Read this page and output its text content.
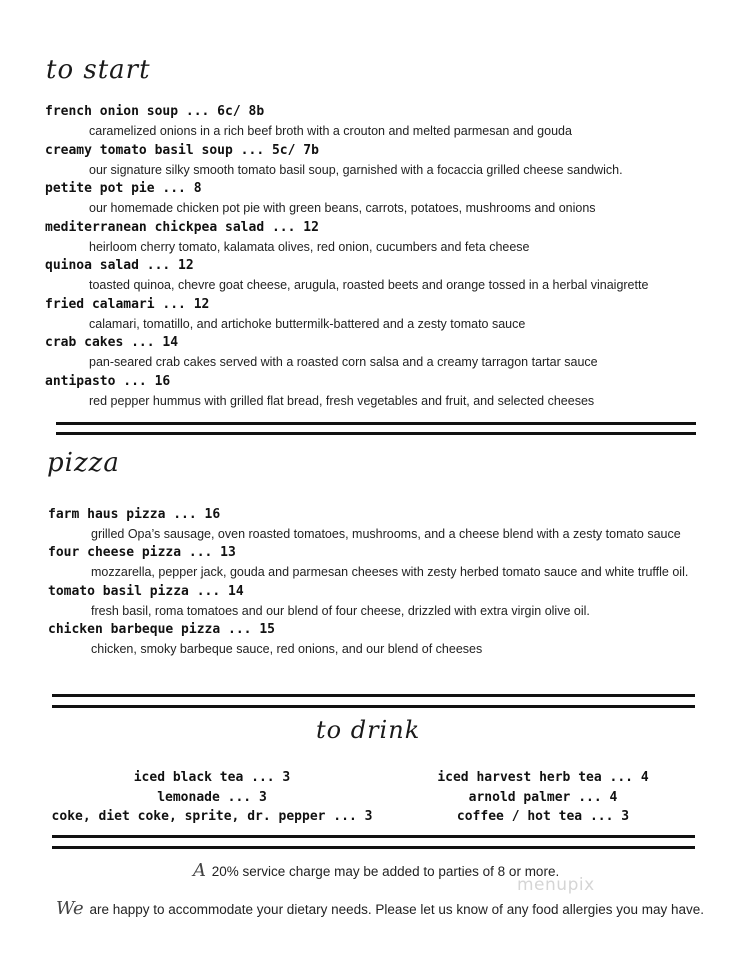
to start
french onion soup ... 6c/ 8b
caramelized onions in a rich beef broth with a crouton and melted parmesan and gouda
creamy tomato basil soup ... 5c/ 7b
our signature silky smooth tomato basil soup, garnished with a focaccia grilled cheese sandwich.
petite pot pie ... 8
our homemade chicken pot pie with green beans, carrots, potatoes, mushrooms and onions
mediterranean chickpea salad ... 12
heirloom cherry tomato, kalamata olives, red onion, cucumbers and feta cheese
quinoa salad ... 12
toasted quinoa, chevre goat cheese, arugula, roasted beets and orange tossed in a herbal vinaigrette
fried calamari ... 12
calamari, tomatillo, and artichoke buttermilk-battered and a zesty tomato sauce
crab cakes ... 14
pan-seared crab cakes served with a roasted corn salsa and a creamy tarragon tartar sauce
antipasto ... 16
red pepper hummus with grilled flat bread, fresh vegetables and fruit, and selected cheeses
pizza
farm haus pizza ... 16
grilled Opa’s sausage, oven roasted tomatoes, mushrooms, and a cheese blend with a zesty tomato sauce
four cheese pizza ... 13
mozzarella, pepper jack, gouda and parmesan cheeses with zesty herbed tomato sauce and white truffle oil.
tomato basil pizza ... 14
fresh basil, roma tomatoes and our blend of four cheese, drizzled with extra virgin olive oil.
chicken barbeque pizza ... 15
chicken, smoky barbeque sauce, red onions, and our blend of cheeses
to drink
iced black tea ... 3
lemonade ... 3
coke, diet coke, sprite, dr. pepper ... 3
iced harvest herb tea ... 4
arnold palmer ... 4
coffee / hot tea ... 3
A 20% service charge may be added to parties of 8 or more.
menupix
We are happy to accommodate your dietary needs. Please let us know of any food allergies you may have.
